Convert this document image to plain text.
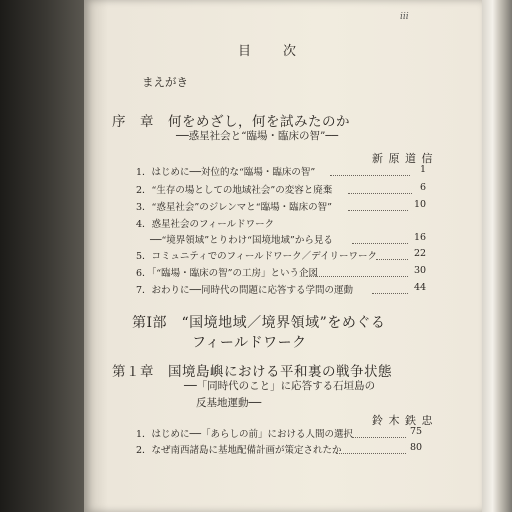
iii
目　　次
まえがき
序　章　何をめざし，何を試みたのか
──惑星社会と“臨場・臨床の智”──
新 原 道 信
1．はじめに──対位的な“臨場・臨床の智”	1
2．“生存の場としての地域社会”の変容と廃棄	6
3．“惑星社会”のジレンマと“臨場・臨床の智”	10
4．惑星社会のフィールドワーク
──“境界領域”とりわけ“国境地域”から見る	16
5．コミュニティでのフィールドワーク／デイリーワーク	22
6．「“臨場・臨床の智”の工房」という企図	30
7．おわりに──同時代の問題に応答する学問の運動	44
第Ⅰ部　“国境地域／境界領域”をめぐる
フィールドワーク
第１章　国境島嶼における平和裏の戦争状態
──「同時代のこと」に応答する石垣島の
反基地運動──
鈴 木 鉄 忠
1．はじめに──「あらしの前」における人間の選択	75
2．なぜ南西諸島に基地配備計画が策定されたか	80
